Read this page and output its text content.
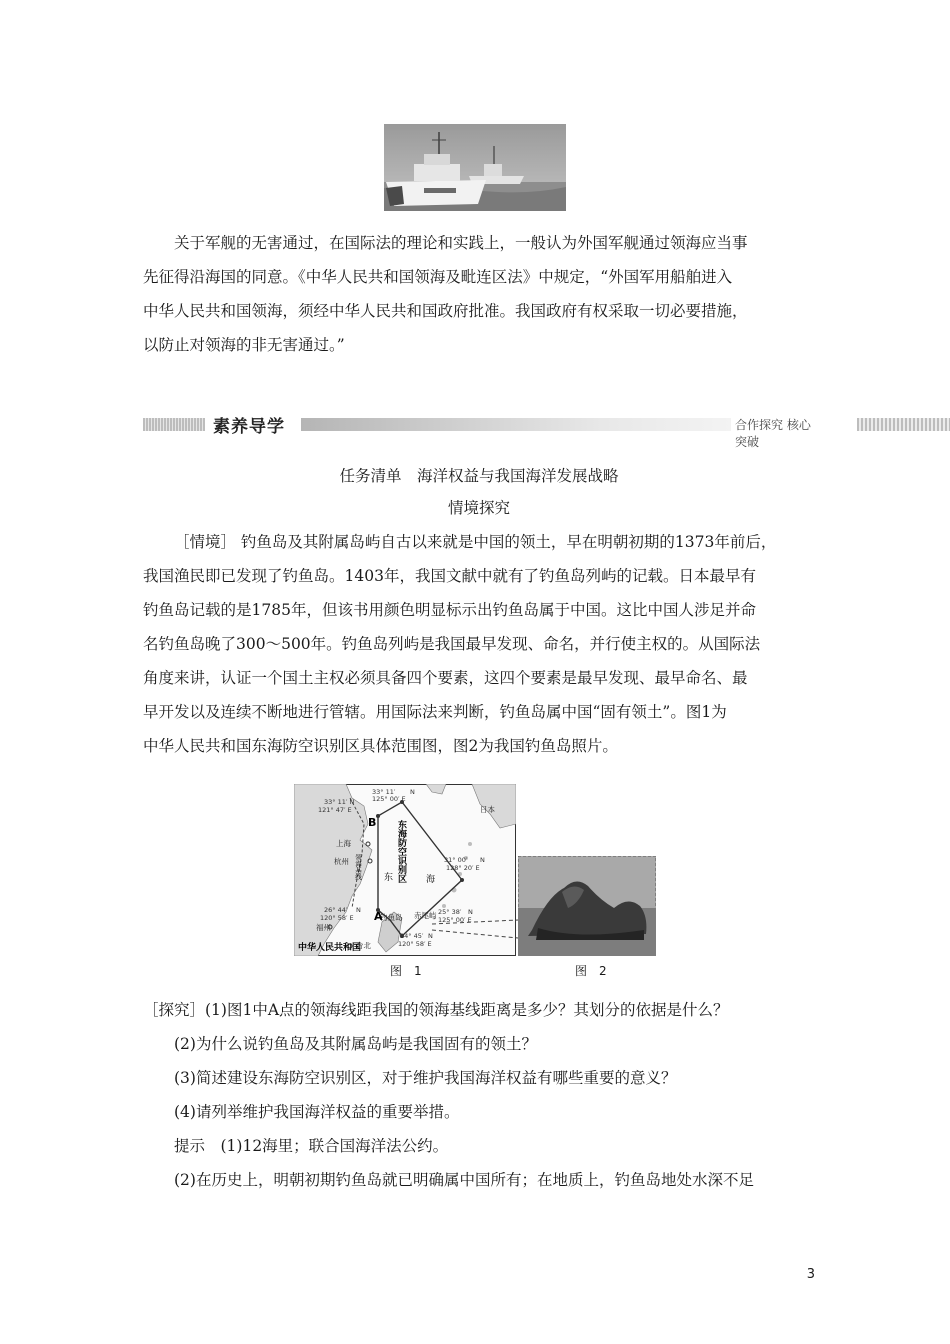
关于军舰的无害通过，在国际法的理论和实践上，一般认为外国军舰通过领海应当事
先征得沿海国的同意。《中华人民共和国领海及毗连区法》中规定，“外国军用船舶进入
中华人民共和国领海，须经中华人民共和国政府批准。我国政府有权采取一切必要措施，
以防止对领海的非无害通过。”
素养导学	合作探究 核心突破
任务清单　海洋权益与我国海洋发展战略
情境探究
［情境］ 钓鱼岛及其附属岛屿自古以来就是中国的领土，早在明朝初期的1373年前后，
我国渔民即已发现了钓鱼岛。1403年，我国文献中就有了钓鱼岛列屿的记载。日本最早有
钓鱼岛记载的是1785年，但该书用颜色明显标示出钓鱼岛属于中国。这比中国人涉足并命
名钓鱼岛晚了300～500年。钓鱼岛列屿是我国最早发现、命名，并行使主权的。从国际法
角度来讲，认证一个国土主权必须具备四个要素，这四个要素是最早发现、最早命名、最
早开发以及连续不断地进行管辖。用国际法来判断，钓鱼岛属中国“固有领土”。图1为
中华人民共和国东海防空识别区具体范围图，图2为我国钓鱼岛照片。
33° 11′ N
125° 00′ E
33° 11′ N
121° 47′ E
31° 00′ N
128° 20′ E
26° 44′ N
120° 58′ E
25° 38′ N
125° 00′ E
24° 45′ N
120° 58′ E
B
A
上海
杭州
福州
台北
钓鱼岛 赤尾屿
日本
东海防空识别区
东	海
领海基线
中华人民共和国
图　1	图　2
［探究］(1)图1中A点的领海线距我国的领海基线距离是多少？其划分的依据是什么？
(2)为什么说钓鱼岛及其附属岛屿是我国固有的领土？
(3)简述建设东海防空识别区，对于维护我国海洋权益有哪些重要的意义？
(4)请列举维护我国海洋权益的重要举措。
提示　(1)12海里；联合国海洋法公约。
(2)在历史上，明朝初期钓鱼岛就已明确属中国所有；在地质上，钓鱼岛地处水深不足
3
